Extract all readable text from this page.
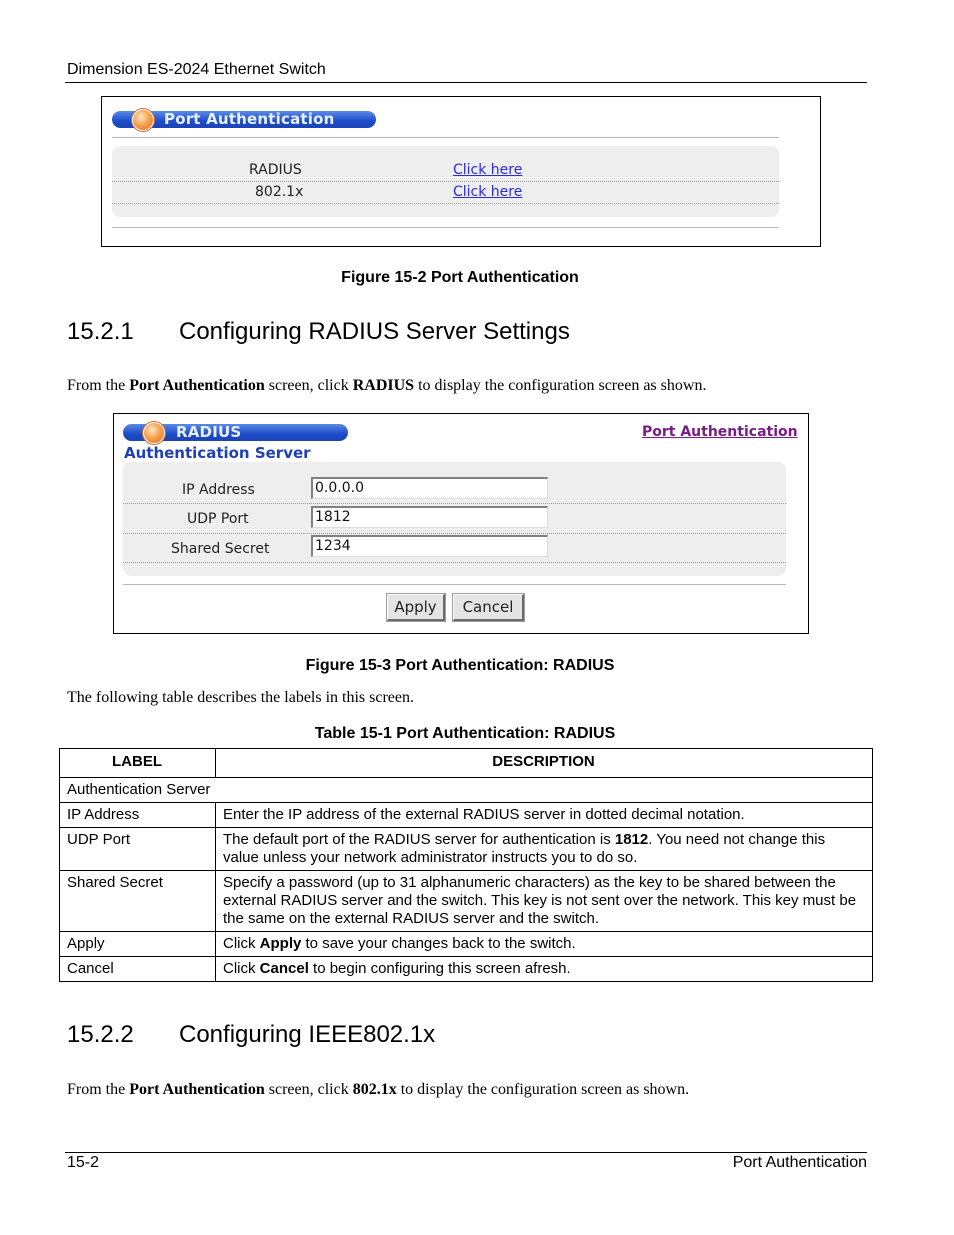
Dimension ES-2024 Ethernet Switch
Port Authentication
RADIUS	Click here
802.1x	Click here
Figure 15-2 Port Authentication
15.2.1 Configuring RADIUS Server Settings
From the Port Authentication screen, click RADIUS to display the configuration screen as shown.
RADIUS	Port Authentication
Authentication Server
IP Address	0.0.0.0
UDP Port	1812
Shared Secret	1234
Apply	Cancel
Figure 15-3 Port Authentication: RADIUS
The following table describes the labels in this screen.
Table 15-1 Port Authentication: RADIUS
LABEL	DESCRIPTION
Authentication Server	
IP Address	Enter the IP address of the external RADIUS server in dotted decimal notation.
UDP Port	The default port of the RADIUS server for authentication is 1812. You need not change this value unless your network administrator instructs you to do so.
Shared Secret	Specify a password (up to 31 alphanumeric characters) as the key to be shared between the external RADIUS server and the switch. This key is not sent over the network. This key must be the same on the external RADIUS server and the switch.
Apply	Click Apply to save your changes back to the switch.
Cancel	Click Cancel to begin configuring this screen afresh.
15.2.2 Configuring IEEE802.1x
From the Port Authentication screen, click 802.1x to display the configuration screen as shown.
15-2	Port Authentication
